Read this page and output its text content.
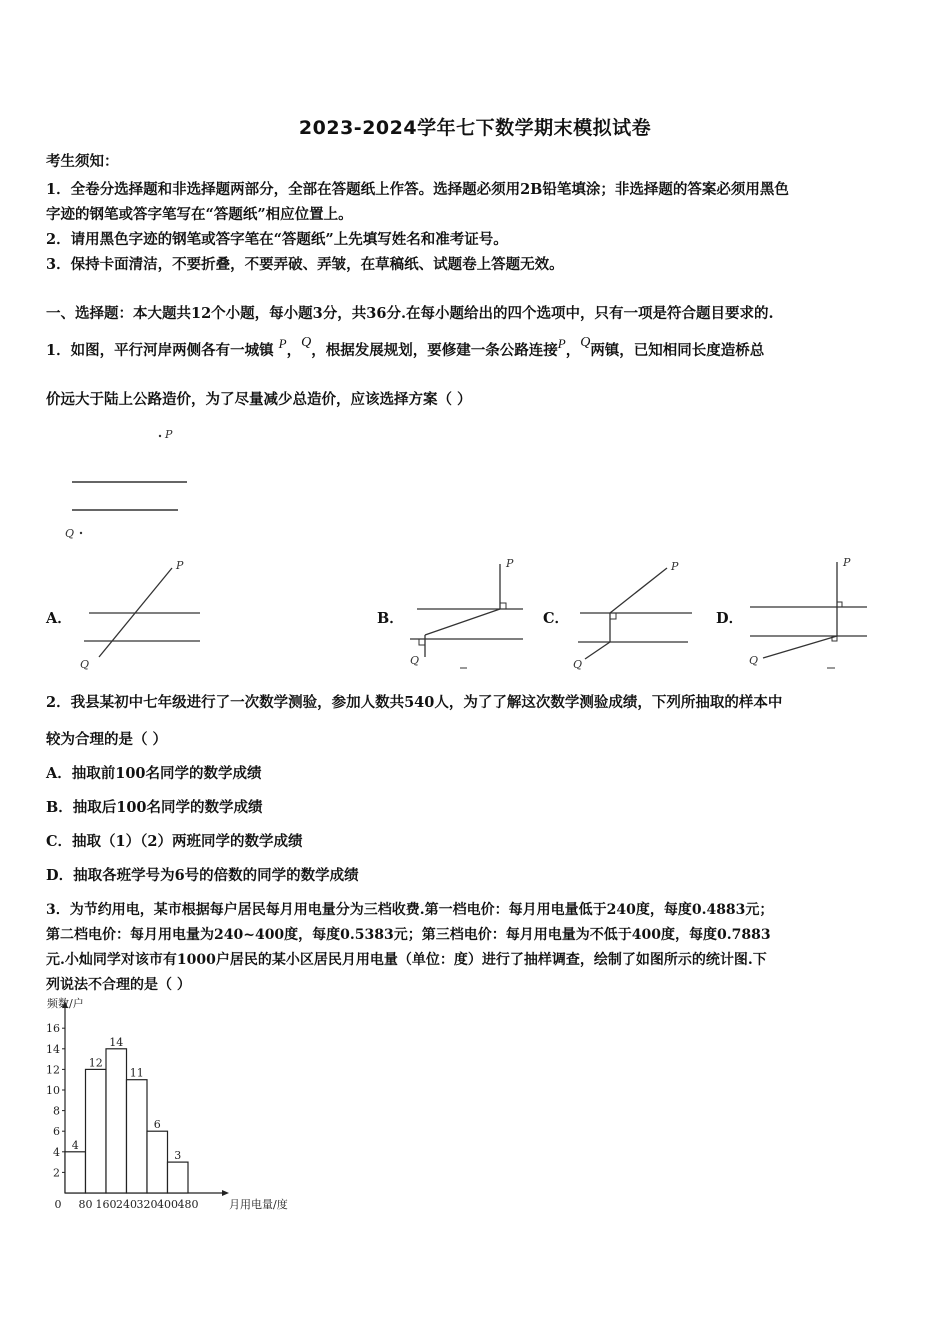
2023-2024学年七下数学期末模拟试卷
考生须知：
1．全卷分选择题和非选择题两部分，全部在答题纸上作答。选择题必须用2B铅笔填涂；非选择题的答案必须用黑色
字迹的钢笔或答字笔写在“答题纸”相应位置上。
2．请用黑色字迹的钢笔或答字笔在“答题纸”上先填写姓名和准考证号。
3．保持卡面清洁，不要折叠，不要弄破、弄皱，在草稿纸、试题卷上答题无效。
一、选择题：本大题共12个小题，每小题3分，共36分.在每小题给出的四个选项中，只有一项是符合题目要求的.
1．如图，平行河岸两侧各有一城镇 P，Q，根据发展规划，要修建一条公路连接P，Q两镇，已知相同长度造桥总
价远大于陆上公路造价，为了尽量减少总造价，应该选择方案（ ）
P
Q
A．
P
Q
B．
P
Q
C．
P
Q
D．
P
Q
2．我县某初中七年级进行了一次数学测验，参加人数共540人，为了了解这次数学测验成绩，下列所抽取的样本中
较为合理的是（ ）
A．抽取前100名同学的数学成绩
B．抽取后100名同学的数学成绩
C．抽取（1）（2）两班同学的数学成绩
D．抽取各班学号为6号的倍数的同学的数学成绩
3．为节约用电，某市根据每户居民每月用电量分为三档收费.第一档电价：每月用电量低于240度，每度0.4883元；
第二档电价：每月用电量为240~400度，每度0.5383元；第三档电价：每月用电量为不低于400度，每度0.7883
元.小灿同学对该市有1000户居民的某小区居民月用电量（单位：度）进行了抽样调查，绘制了如图所示的统计图.下
列说法不合理的是（ ）
频数/户
2
4
6
8
10
12
14
16
0 80 160 240 320 400 480	月用电量/度
4
12
14
11
6
3
